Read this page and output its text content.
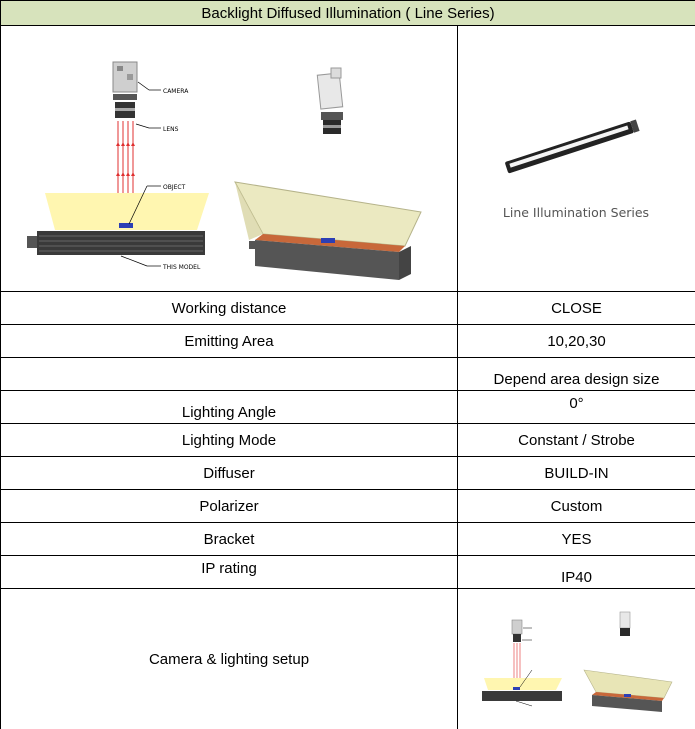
Backlight Diffused Illumination ( Line Series)	

CAMERA
LENS
OBJECT
THIS MODEL	Line Illumination Series

Working distance	CLOSE
Emitting Area	10,20,30
	Depend area design size
Lighting Angle	0°
Lighting Mode	Constant / Strobe
Diffuser	BUILD-IN
Polarizer	Custom
Bracket	YES
IP rating	IP40
Camera & lighting setup	
